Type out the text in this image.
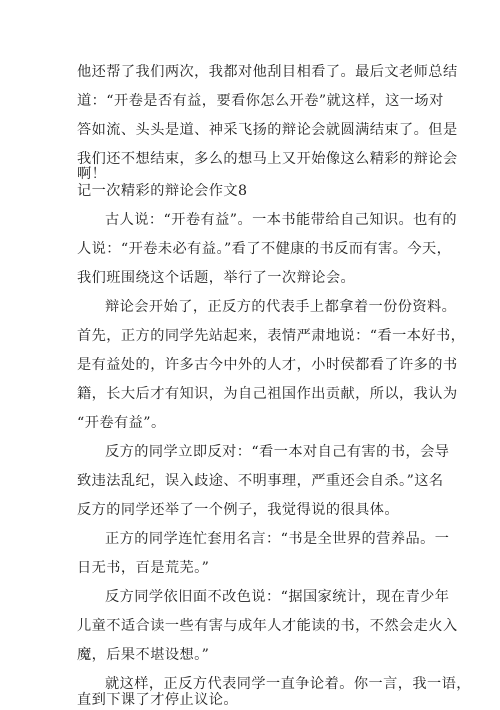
他还帮了我们两次，我都对他刮目相看了。最后文老师总结
道：“开卷是否有益，要看你怎么开卷”就这样，这一场对
答如流、头头是道、神采飞扬的辩论会就圆满结束了。但是
我们还不想结束，多么的想马上又开始像这么精彩的辩论会
啊！
记一次精彩的辩论会作文8
古人说：“开卷有益”。一本书能带给自己知识。也有的
人说：“开卷未必有益。”看了不健康的书反而有害。今天，
我们班围绕这个话题，举行了一次辩论会。
辩论会开始了，正反方的代表手上都拿着一份份资料。
首先，正方的同学先站起来，表情严肃地说：“看一本好书，
是有益处的，许多古今中外的人才，小时侯都看了许多的书
籍，长大后才有知识，为自己祖国作出贡献，所以，我认为
“开卷有益”。
反方的同学立即反对：“看一本对自己有害的书，会导
致违法乱纪，误入歧途、不明事理，严重还会自杀。”这名
反方的同学还举了一个例子，我觉得说的很具体。
正方的同学连忙套用名言：“书是全世界的营养品。一
日无书，百是荒芜。”
反方同学依旧面不改色说：“据国家统计，现在青少年
儿童不适合读一些有害与成年人才能读的书，不然会走火入
魔，后果不堪设想。”
就这样，正反方代表同学一直争论着。你一言，我一语，
直到下课了才停止议论。
